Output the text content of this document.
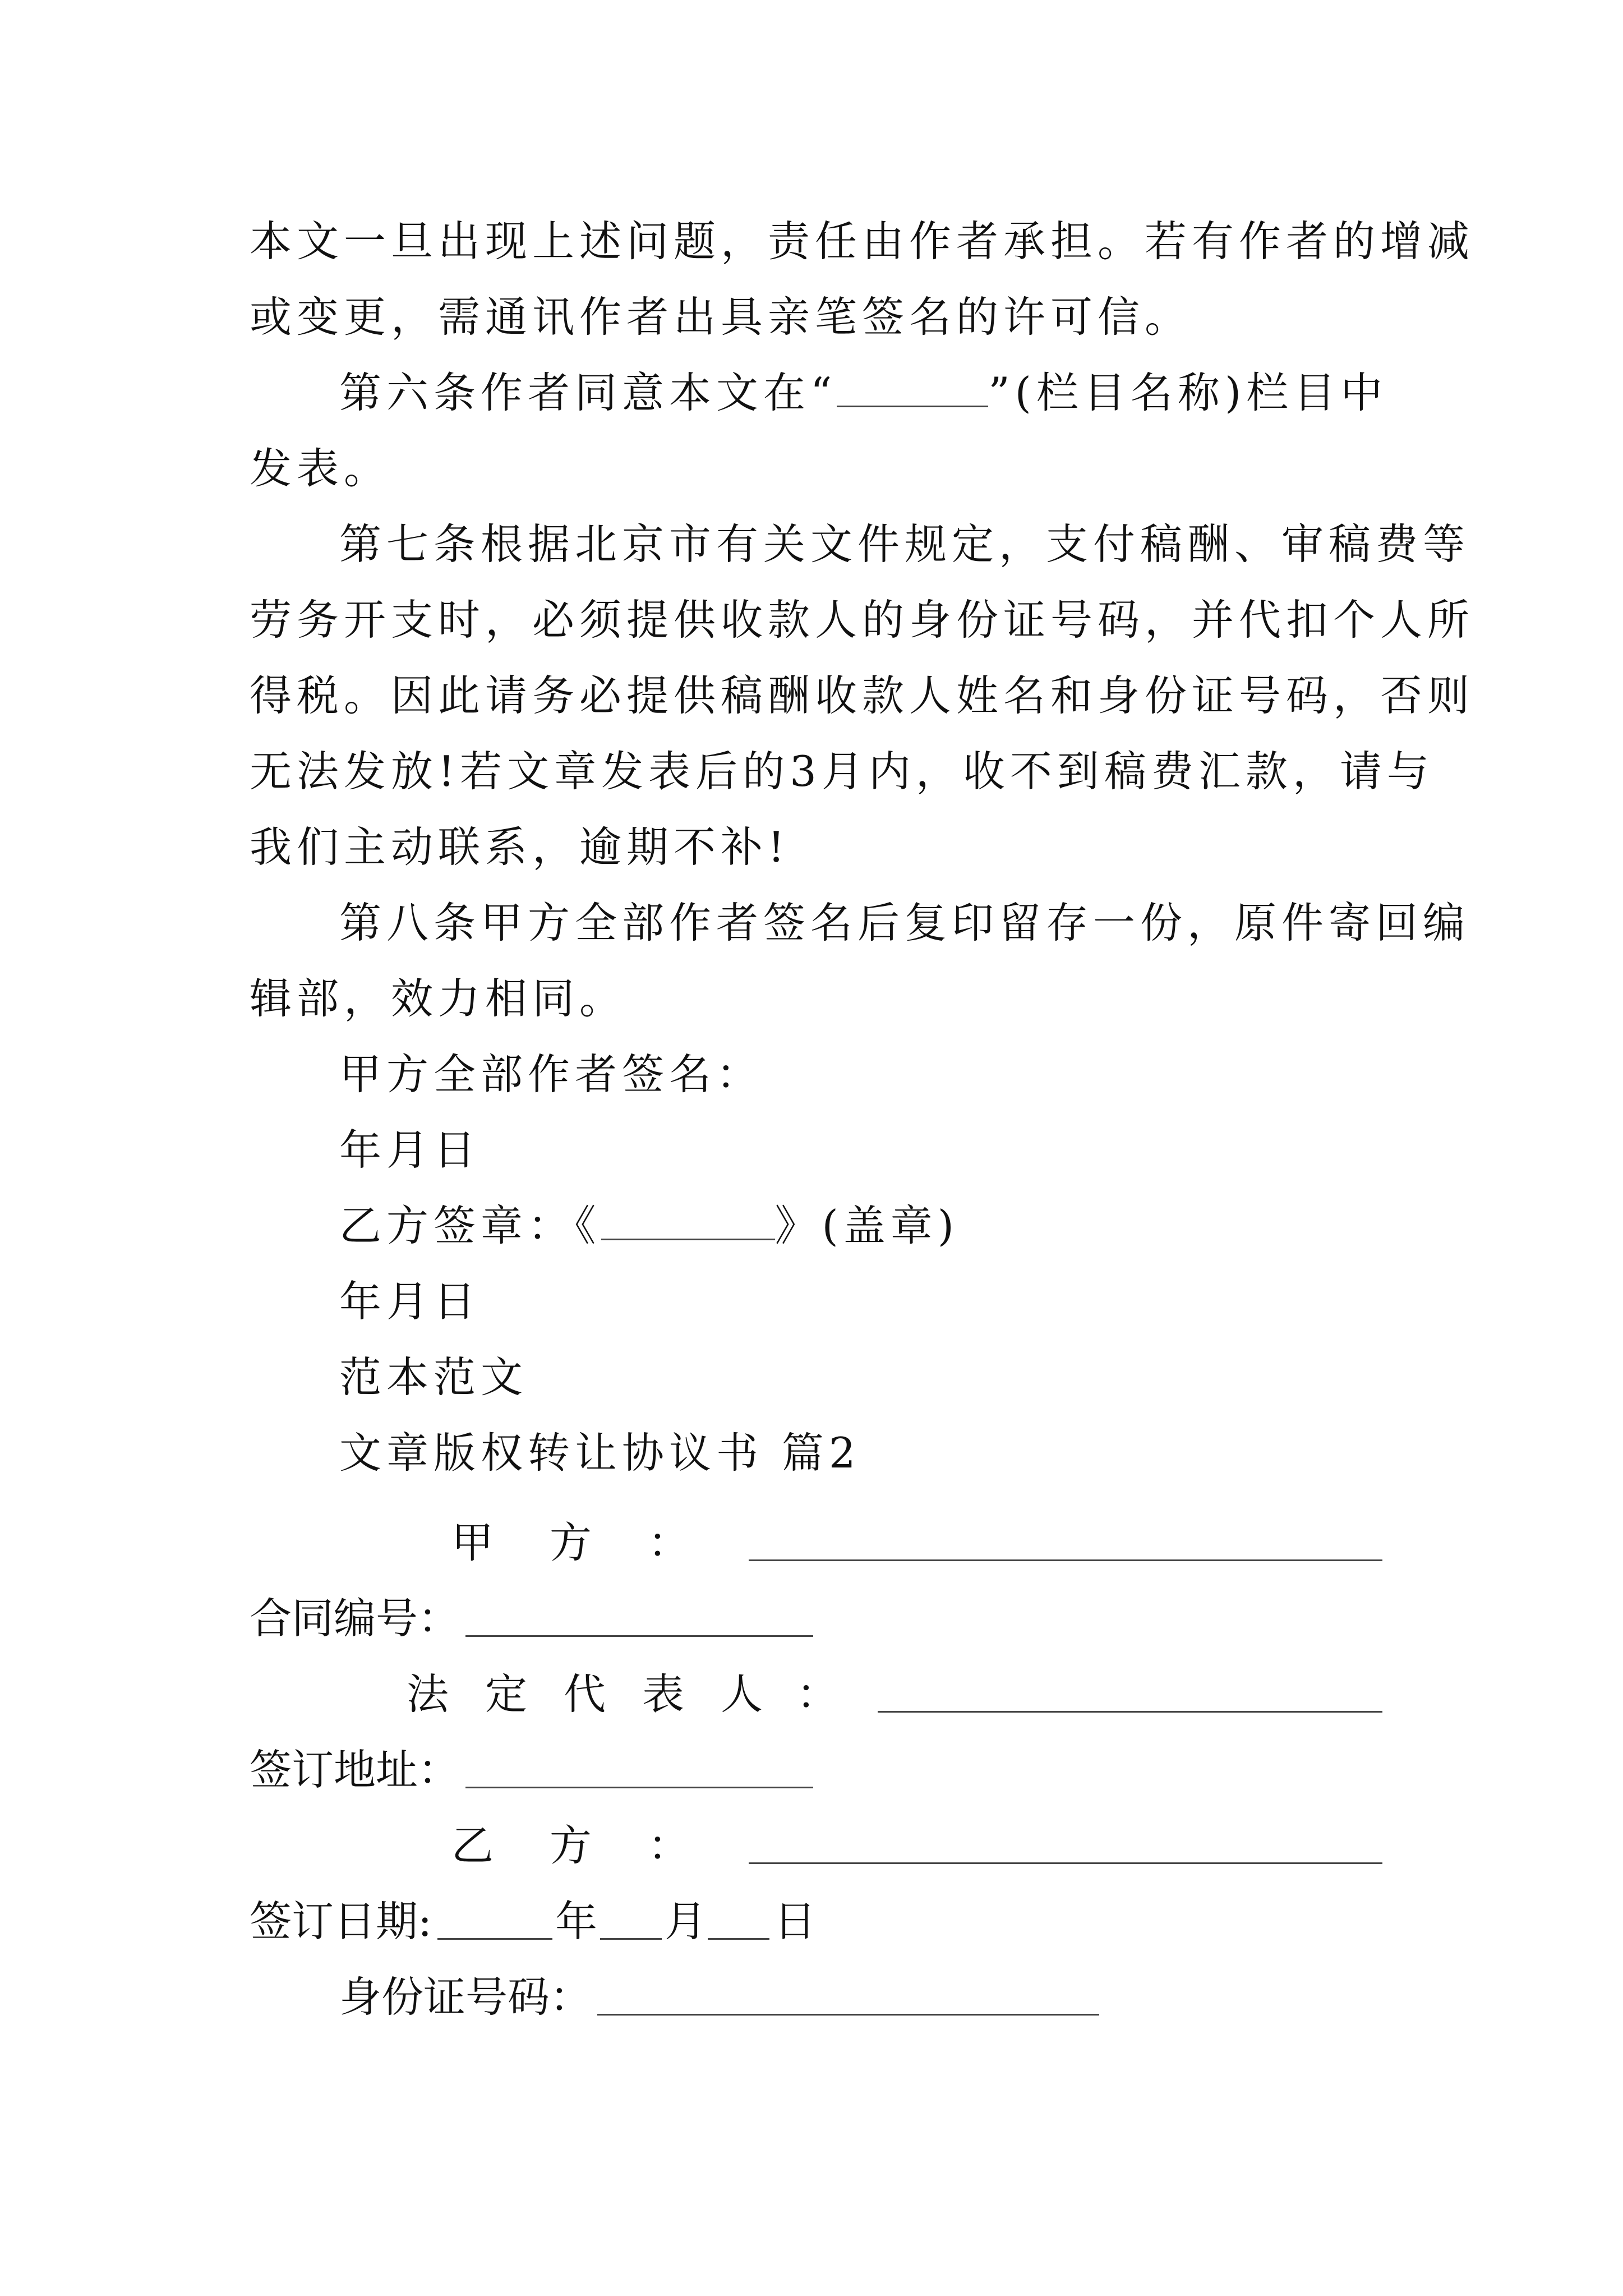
本文一旦出现上述问题，责任由作者承担。若有作者的增减
或变更，需通讯作者出具亲笔签名的许可信。
第六条作者同意本文在“	”(栏目名称)栏目中
发表。
第七条根据北京市有关文件规定，支付稿酬、审稿费等
劳务开支时，必须提供收款人的身份证号码，并代扣个人所
得税。因此请务必提供稿酬收款人姓名和身份证号码，否则
无法发放!若文章发表后的3月内，收不到稿费汇款，请与
我们主动联系，逾期不补!
第八条甲方全部作者签名后复印留存一份，原件寄回编
辑部，效力相同。
甲方全部作者签名：
年月日
乙方签章：《	》(盖章)
年月日
范本范文
文章版权转让协议书 篇2
甲 方 ：
合同编号：
法 定 代 表 人 ：
签订地址：
乙 方 ：
签订日期:	年 月 日
身份证号码：
